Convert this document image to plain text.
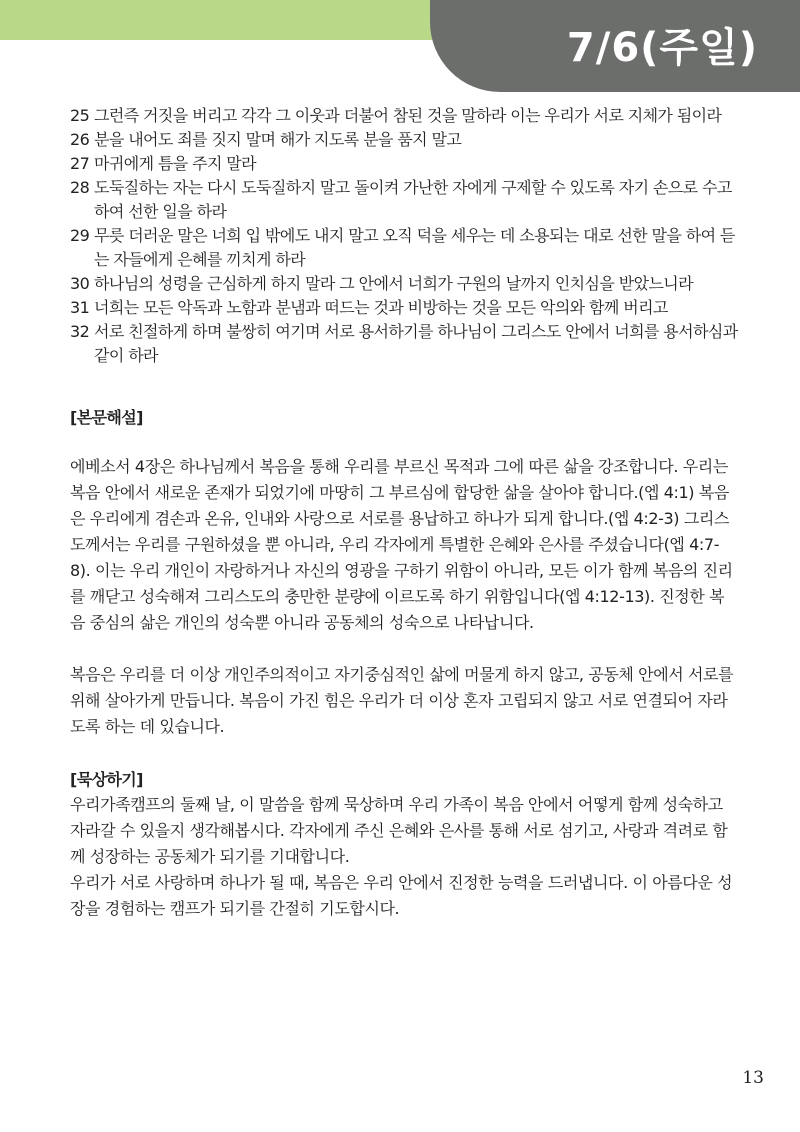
7/6(주일)
25 그런즉 거짓을 버리고 각각 그 이웃과 더불어 참된 것을 말하라 이는 우리가 서로 지체가 됨이라
26 분을 내어도 죄를 짓지 말며 해가 지도록 분을 품지 말고
27 마귀에게 틈을 주지 말라
28 도둑질하는 자는 다시 도둑질하지 말고 돌이켜 가난한 자에게 구제할 수 있도록 자기 손으로 수고하여 선한 일을 하라
29 무릇 더러운 말은 너희 입 밖에도 내지 말고 오직 덕을 세우는 데 소용되는 대로 선한 말을 하여 듣는 자들에게 은혜를 끼치게 하라
30 하나님의 성령을 근심하게 하지 말라 그 안에서 너희가 구원의 날까지 인치심을 받았느니라
31 너희는 모든 악독과 노함과 분냄과 떠드는 것과 비방하는 것을 모든 악의와 함께 버리고
32 서로 친절하게 하며 불쌍히 여기며 서로 용서하기를 하나님이 그리스도 안에서 너희를 용서하심과 같이 하라

[본문해설]

에베소서 4장은 하나님께서 복음을 통해 우리를 부르신 목적과 그에 따른 삶을 강조합니다. 우리는 복음 안에서 새로운 존재가 되었기에 마땅히 그 부르심에 합당한 삶을 살아야 합니다.(엡 4:1) 복음은 우리에게 겸손과 온유, 인내와 사랑으로 서로를 용납하고 하나가 되게 합니다.(엡 4:2-3) 그리스도께서는 우리를 구원하셨을 뿐 아니라, 우리 각자에게 특별한 은혜와 은사를 주셨습니다(엡 4:7-8). 이는 우리 개인이 자랑하거나 자신의 영광을 구하기 위함이 아니라, 모든 이가 함께 복음의 진리를 깨닫고 성숙해져 그리스도의 충만한 분량에 이르도록 하기 위함입니다(엡 4:12-13). 진정한 복음 중심의 삶은 개인의 성숙뿐 아니라 공동체의 성숙으로 나타납니다.

복음은 우리를 더 이상 개인주의적이고 자기중심적인 삶에 머물게 하지 않고, 공동체 안에서 서로를 위해 살아가게 만듭니다. 복음이 가진 힘은 우리가 더 이상 혼자 고립되지 않고 서로 연결되어 자라도록 하는 데 있습니다.

[묵상하기]

우리가족캠프의 둘째 날, 이 말씀을 함께 묵상하며 우리 가족이 복음 안에서 어떻게 함께 성숙하고 자라갈 수 있을지 생각해봅시다. 각자에게 주신 은혜와 은사를 통해 서로 섬기고, 사랑과 격려로 함께 성장하는 공동체가 되기를 기대합니다.

우리가 서로 사랑하며 하나가 될 때, 복음은 우리 안에서 진정한 능력을 드러냅니다. 이 아름다운 성장을 경험하는 캠프가 되기를 간절히 기도합시다.

13
